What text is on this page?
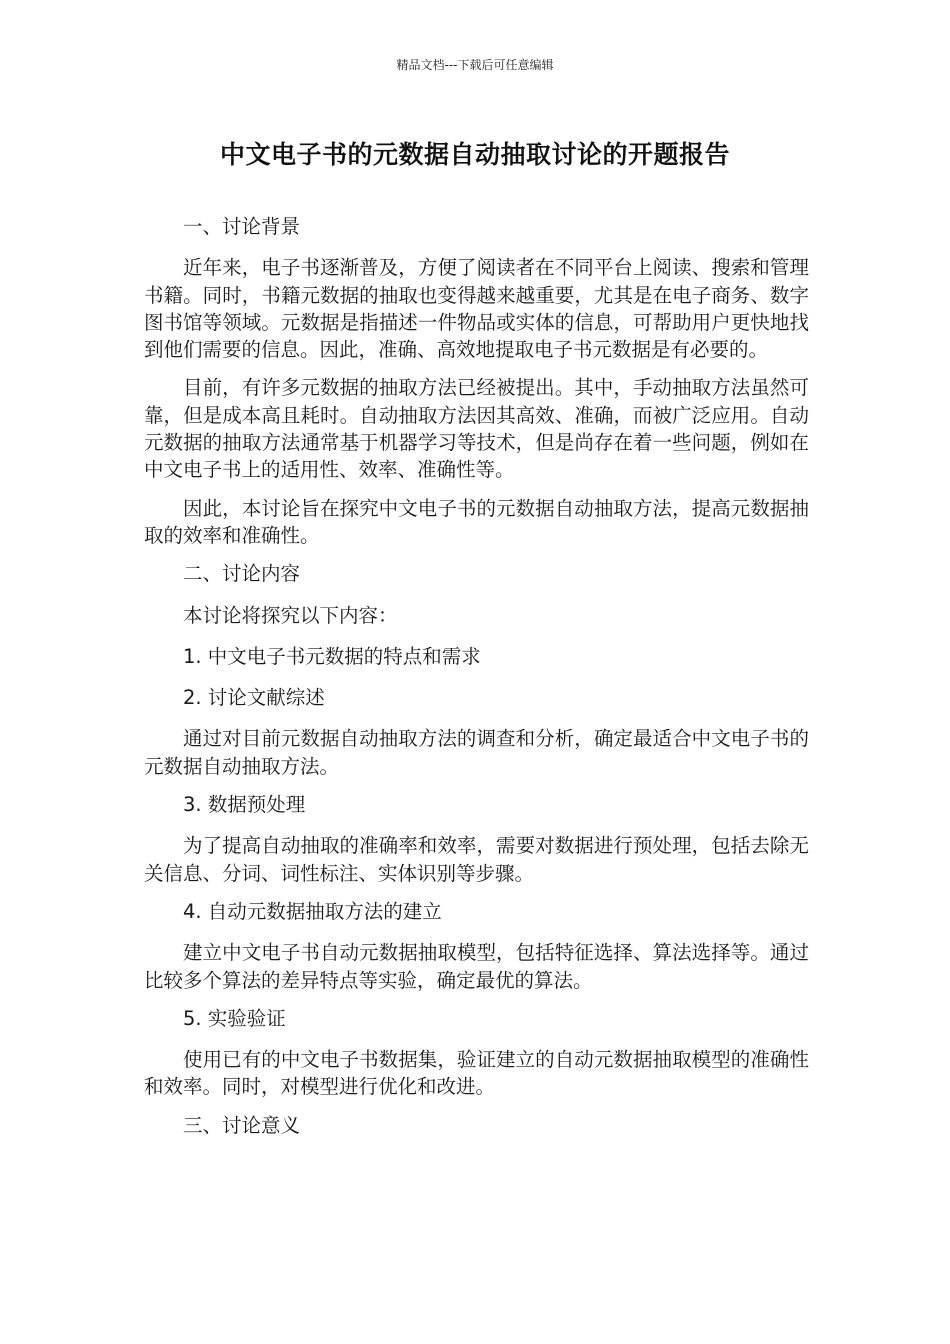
精品文档---下载后可任意编辑
中文电子书的元数据自动抽取讨论的开题报告

一、讨论背景

近年来，电子书逐渐普及，方便了阅读者在不同平台上阅读、搜索和管理书籍。同时，书籍元数据的抽取也变得越来越重要，尤其是在电子商务、数字图书馆等领域。元数据是指描述一件物品或实体的信息，可帮助用户更快地找到他们需要的信息。因此，准确、高效地提取电子书元数据是有必要的。

目前，有许多元数据的抽取方法已经被提出。其中，手动抽取方法虽然可靠，但是成本高且耗时。自动抽取方法因其高效、准确，而被广泛应用。自动元数据的抽取方法通常基于机器学习等技术，但是尚存在着一些问题，例如在中文电子书上的适用性、效率、准确性等。

因此，本讨论旨在探究中文电子书的元数据自动抽取方法，提高元数据抽取的效率和准确性。

二、讨论内容

本讨论将探究以下内容：

1. 中文电子书元数据的特点和需求

2. 讨论文献综述

通过对目前元数据自动抽取方法的调查和分析，确定最适合中文电子书的元数据自动抽取方法。

3. 数据预处理

为了提高自动抽取的准确率和效率，需要对数据进行预处理，包括去除无关信息、分词、词性标注、实体识别等步骤。

4. 自动元数据抽取方法的建立

建立中文电子书自动元数据抽取模型，包括特征选择、算法选择等。通过比较多个算法的差异特点等实验，确定最优的算法。

5. 实验验证

使用已有的中文电子书数据集，验证建立的自动元数据抽取模型的准确性和效率。同时，对模型进行优化和改进。

三、讨论意义
